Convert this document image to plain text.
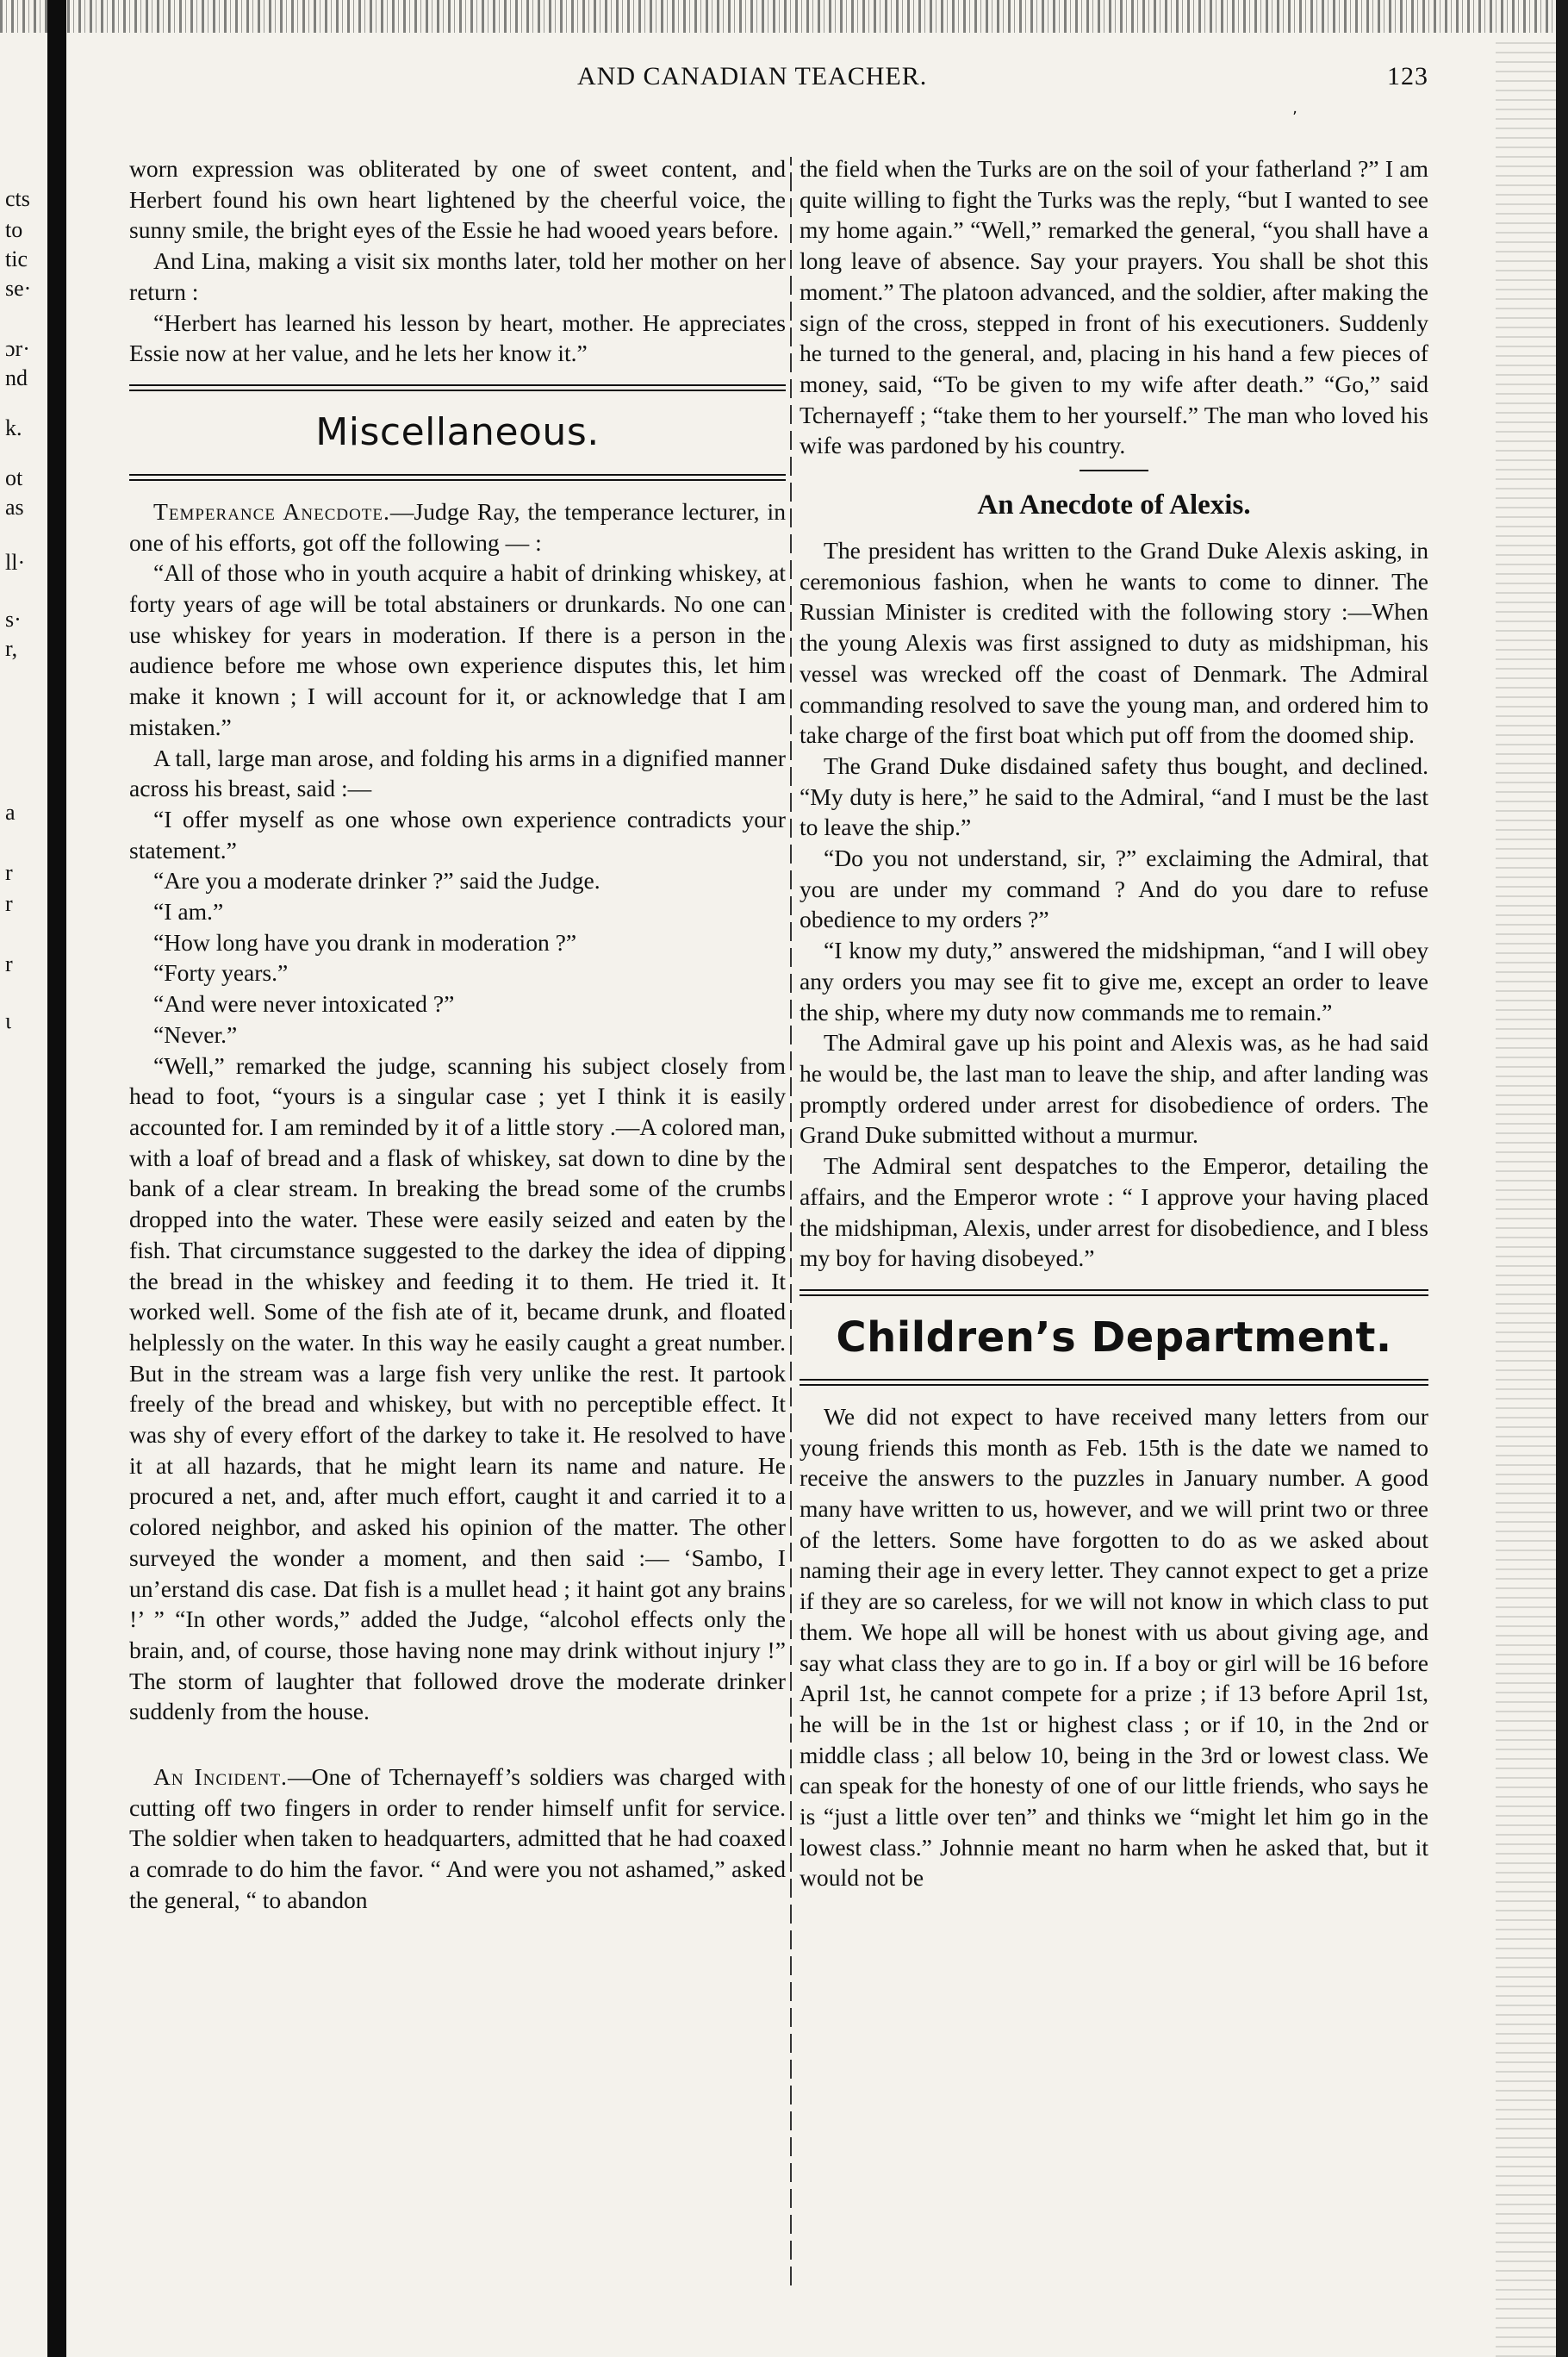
cts
to
tic
se·
ɔr·
nd
k.
ot
as
ll·
s·
r,
a
r
r
r
ι
AND CANADIAN TEACHER.	123
٬

worn expression was obliterated by one of sweet content, and Herbert found his own heart lightened by the cheerful voice, the sunny smile, the bright eyes of the Essie he had wooed years before.

And Lina, making a visit six months later, told her mother on her return :

“Herbert has learned his lesson by heart, mother. He appreciates Essie now at her value, and he lets her know it.”

Miscellaneous.

Temperance Anecdote.—Judge Ray, the temperance lecturer, in one of his efforts, got off the following — :

“All of those who in youth acquire a habit of drinking whiskey, at forty years of age will be total abstainers or drunkards. No one can use whiskey for years in moderation. If there is a person in the audience before me whose own experience disputes this, let him make it known ; I will account for it, or acknowledge that I am mistaken.”

A tall, large man arose, and folding his arms in a dignified manner across his breast, said :—

“I offer myself as one whose own experience contradicts your statement.”

“Are you a moderate drinker ?” said the Judge.

“I am.”

“How long have you drank in moderation ?”

“Forty years.”

“And were never intoxicated ?”

“Never.”

“Well,” remarked the judge, scanning his subject closely from head to foot, “yours is a singular case ; yet I think it is easily accounted for. I am reminded by it of a little story .—A colored man, with a loaf of bread and a flask of whiskey, sat down to dine by the bank of a clear stream. In breaking the bread some of the crumbs dropped into the water. These were easily seized and eaten by the fish. That circumstance suggested to the darkey the idea of dipping the bread in the whiskey and feeding it to them. He tried it. It worked well. Some of the fish ate of it, became drunk, and floated helplessly on the water. In this way he easily caught a great number. But in the stream was a large fish very unlike the rest. It partook freely of the bread and whiskey, but with no perceptible effect. It was shy of every effort of the darkey to take it. He resolved to have it at all hazards, that he might learn its name and nature. He procured a net, and, after much effort, caught it and carried it to a colored neighbor, and asked his opinion of the matter. The other surveyed the wonder a moment, and then said :— ‘Sambo, I un’erstand dis case. Dat fish is a mullet head ; it haint got any brains !’ ” “In other words,” added the Judge, “alcohol effects only the brain, and, of course, those having none may drink without injury !” The storm of laughter that followed drove the moderate drinker suddenly from the house.

An Incident.—One of Tchernayeff’s soldiers was charged with cutting off two fingers in order to render himself unfit for service. The soldier when taken to headquarters, admitted that he had coaxed a comrade to do him the favor. “ And were you not ashamed,” asked the general, “ to abandon

the field when the Turks are on the soil of your fatherland ?” I am quite willing to fight the Turks was the reply, “but I wanted to see my home again.” “Well,” remarked the general, “you shall have a long leave of absence. Say your prayers. You shall be shot this moment.” The platoon advanced, and the soldier, after making the sign of the cross, stepped in front of his executioners. Suddenly he turned to the general, and, placing in his hand a few pieces of money, said, “To be given to my wife after death.” “Go,” said Tchernayeff ; “take them to her yourself.” The man who loved his wife was pardoned by his country.

An Anecdote of Alexis.

The president has written to the Grand Duke Alexis asking, in ceremonious fashion, when he wants to come to dinner. The Russian Minister is credited with the following story :—When the young Alexis was first assigned to duty as midshipman, his vessel was wrecked off the coast of Denmark. The Admiral commanding resolved to save the young man, and ordered him to take charge of the first boat which put off from the doomed ship.

The Grand Duke disdained safety thus bought, and declined. “My duty is here,” he said to the Admiral, “and I must be the last to leave the ship.”

“Do you not understand, sir, ?” exclaiming the Admiral, that you are under my command ? And do you dare to refuse obedience to my orders ?”

“I know my duty,” answered the midshipman, “and I will obey any orders you may see fit to give me, except an order to leave the ship, where my duty now commands me to remain.”

The Admiral gave up his point and Alexis was, as he had said he would be, the last man to leave the ship, and after landing was promptly ordered under arrest for disobedience of orders. The Grand Duke submitted without a murmur.

The Admiral sent despatches to the Emperor, detailing the affairs, and the Emperor wrote : “ I approve your having placed the midshipman, Alexis, under arrest for disobedience, and I bless my boy for having disobeyed.”

Children’s Department.

We did not expect to have received many letters from our young friends this month as Feb. 15th is the date we named to receive the answers to the puzzles in January number. A good many have written to us, however, and we will print two or three of the letters. Some have forgotten to do as we asked about naming their age in every letter. They cannot expect to get a prize if they are so careless, for we will not know in which class to put them. We hope all will be honest with us about giving age, and say what class they are to go in. If a boy or girl will be 16 before April 1st, he cannot compete for a prize ; if 13 before April 1st, he will be in the 1st or highest class ; or if 10, in the 2nd or middle class ; all below 10, being in the 3rd or lowest class. We can speak for the honesty of one of our little friends, who says he is “just a little over ten” and thinks we “might let him go in the lowest class.” Johnnie meant no harm when he asked that, but it would not be
